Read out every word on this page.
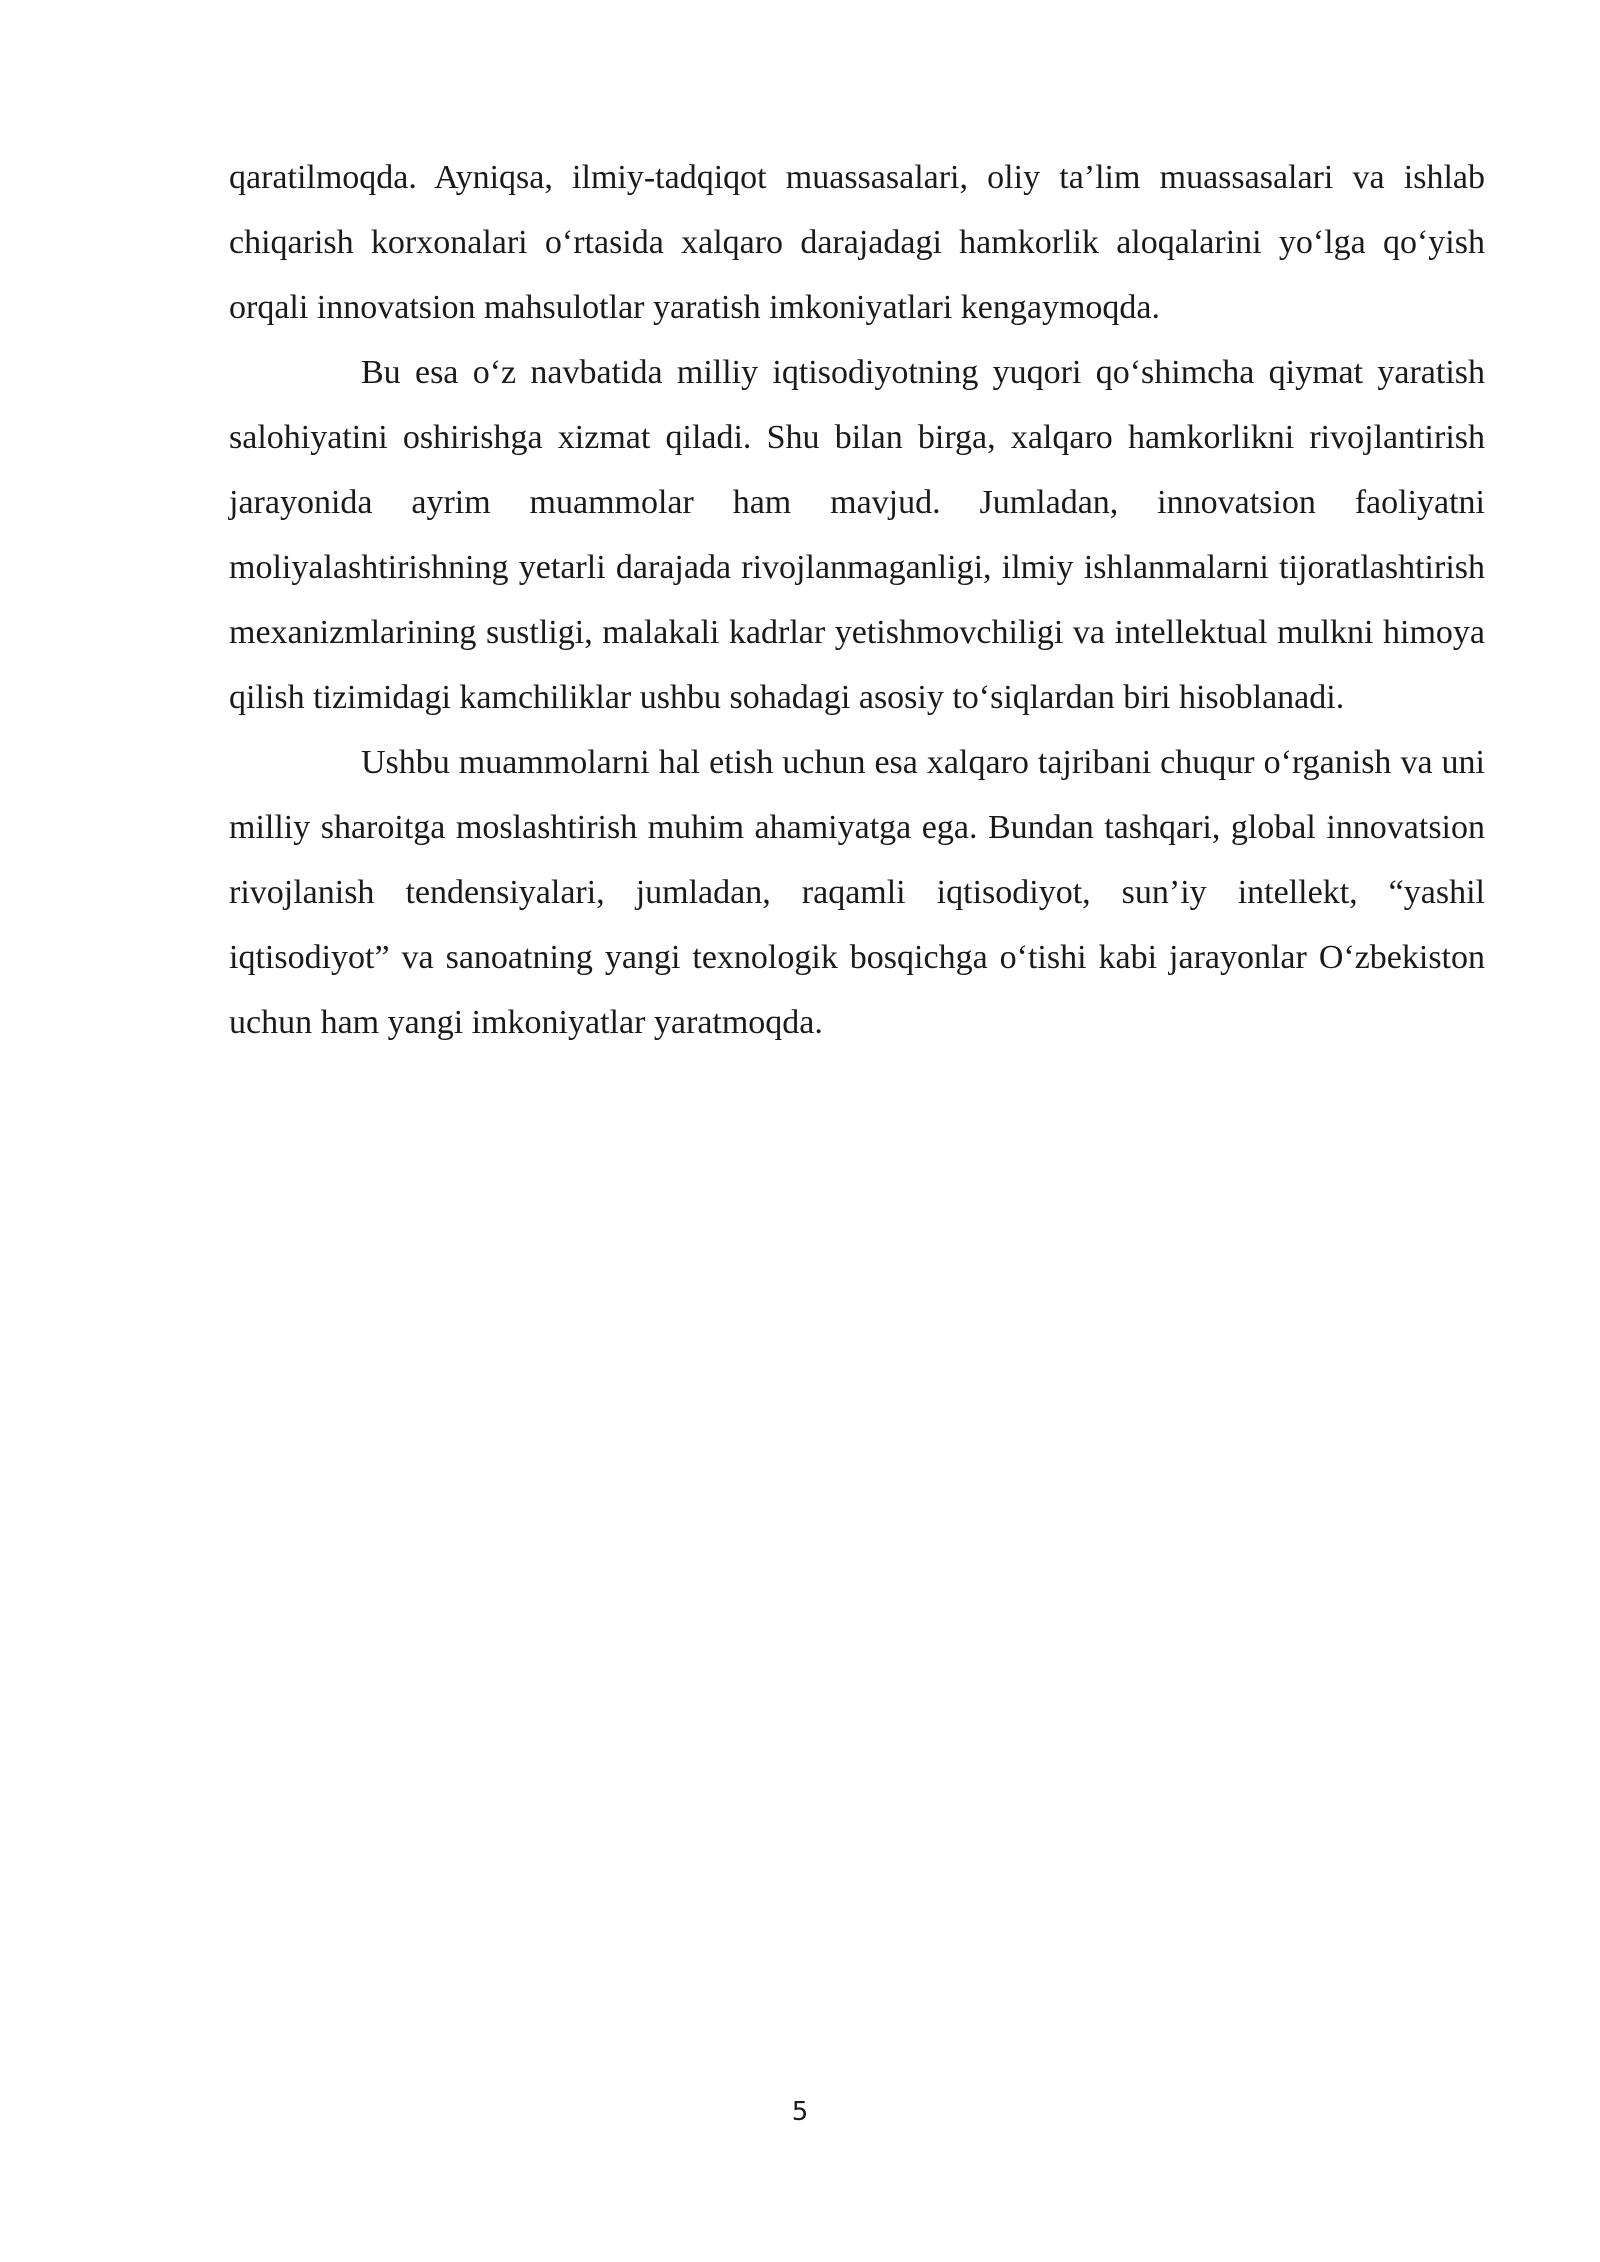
qaratilmoqda. Ayniqsa, ilmiy-tadqiqot muassasalari, oliy ta’lim muassasalari va ishlab chiqarish korxonalari o‘rtasida xalqaro darajadagi hamkorlik aloqalarini yo‘lga qo‘yish orqali innovatsion mahsulotlar yaratish imkoniyatlari kengaymoqda.

Bu esa o‘z navbatida milliy iqtisodiyotning yuqori qo‘shimcha qiymat yaratish salohiyatini oshirishga xizmat qiladi. Shu bilan birga, xalqaro hamkorlikni rivojlantirish jarayonida ayrim muammolar ham mavjud. Jumladan, innovatsion faoliyatni moliyalashtirishning yetarli darajada rivojlanmaganligi, ilmiy ishlanmalarni tijoratlashtirish mexanizmlarining sustligi, malakali kadrlar yetishmovchiligi va intellektual mulkni himoya qilish tizimidagi kamchiliklar ushbu sohadagi asosiy to‘siqlardan biri hisoblanadi.

Ushbu muammolarni hal etish uchun esa xalqaro tajribani chuqur o‘rganish va uni milliy sharoitga moslashtirish muhim ahamiyatga ega. Bundan tashqari, global innovatsion rivojlanish tendensiyalari, jumladan, raqamli iqtisodiyot, sun’iy intellekt, “yashil iqtisodiyot” va sanoatning yangi texnologik bosqichga o‘tishi kabi jarayonlar O‘zbekiston uchun ham yangi imkoniyatlar yaratmoqda.

5
